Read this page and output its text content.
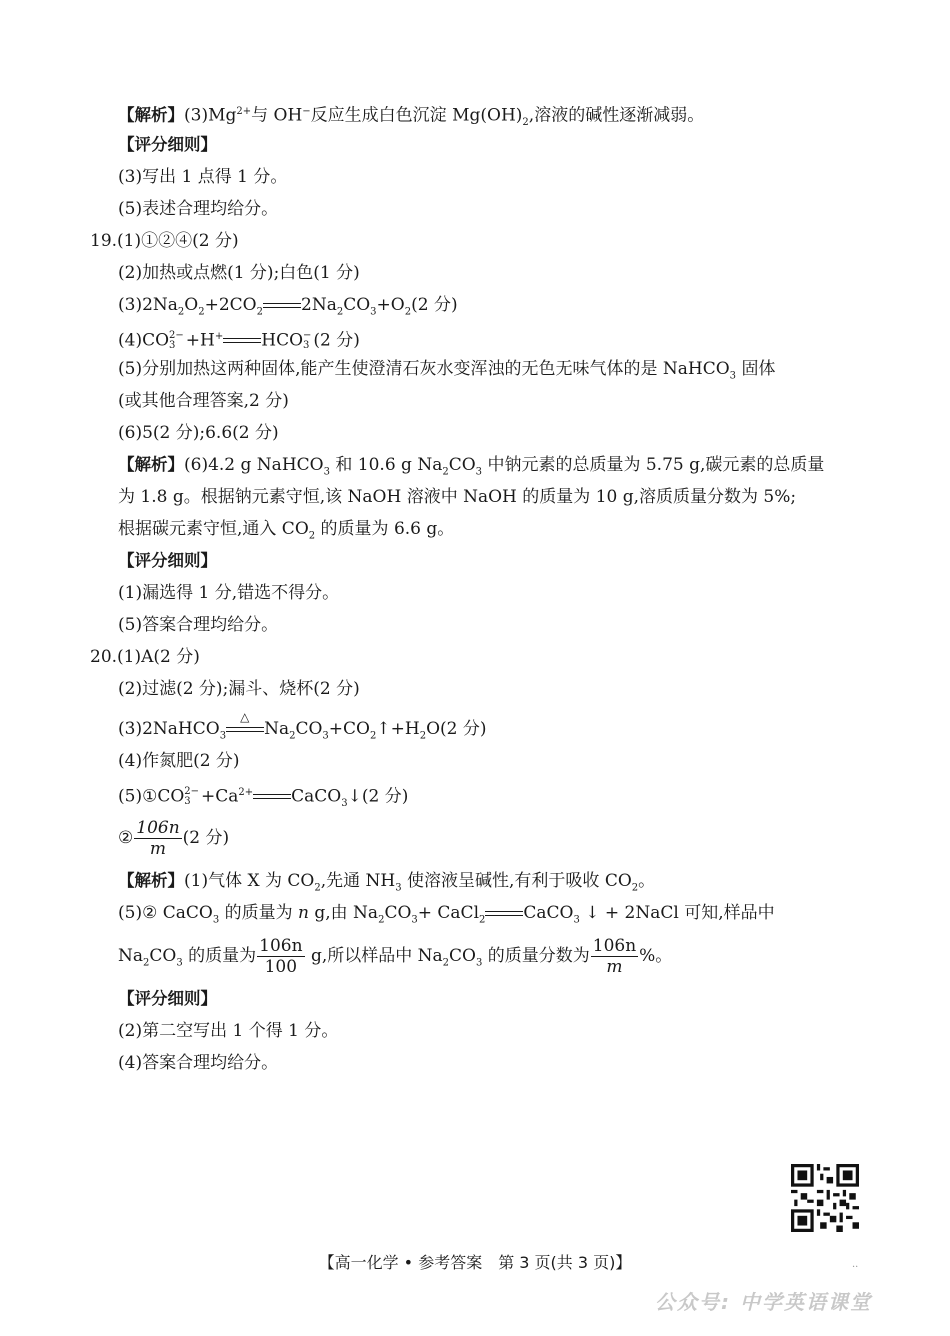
【解析】$(3)Mg^{2+}$与 OH−反应生成白色沉淀 $Mg(OH)_2$,溶液的碱性逐渐减弱。
【评分细则】
(3)写出 1 点得 1 分。
(5)表述合理均给分。
19.(1)①②④(2 分)
(2)加热或点燃(1 分);白色(1 分)
$(3)2Na_2O_2+2CO_2$ $2Na_2CO_3+O_2(2$ 分)
(4)CO 2−
3 +H+ HCO −
3 (2 分)
(5)分别加热这两种固体,能产生使澄清石灰水变浑浊的无色无味气体的是 NaHCO$_3$ 固体
(或其他合理答案,2 分)
(6)5(2 分);6.6(2 分)
【解析】(6)4.2 g NaHCO$_3$ 和 10.6 g $Na_2CO_3$ 中钠元素的总质量为 5.75 g,碳元素的总质量
为 1.8 g。根据钠元素守恒,该 NaOH 溶液中 NaOH 的质量为 10 g,溶质质量分数为 5%;
根据碳元素守恒,通入 $CO_2$ 的质量为 6.6 g。
【评分细则】
(1)漏选得 1 分,错选不得分。
(5)答案合理均给分。
20.(1)A(2 分)
(2)过滤(2 分);漏斗、烧杯(2 分)
(3)2NaHCO$_3$
△
$Na_2CO_3+CO_2↑+H_2O(2$ 分)
(4)作氮肥(2 分)
(5)①CO 2−
$3 +Ca^{2+}$ CaCO$_3$↓(2 分)
② $\frac{106n}{m} (2$ 分)
【解析】(1)气体 X 为 $CO_2$,先通 $NH_3$ 使溶液呈碱性,有利于吸收 $CO_2$。
(5)② CaCO$_3$ 的质量为 n g,由 $Na_2CO_3+$ CaCl$_2$ CaCO$_3$ ↓ + 2NaCl 可知,样品中
$Na_2CO_3$ 的质量为 $\frac{106n}{100} g$,所以样品中 $Na_2CO_3$ 的质量分数为 $\frac{106n}{m}$ %。
【评分细则】
(2)第二空写出 1 个得 1 分。
(4)答案合理均给分。
··
【高一化学 • 参考答案　第 3 页(共 3 页)】
公众号: 中学英语课堂
